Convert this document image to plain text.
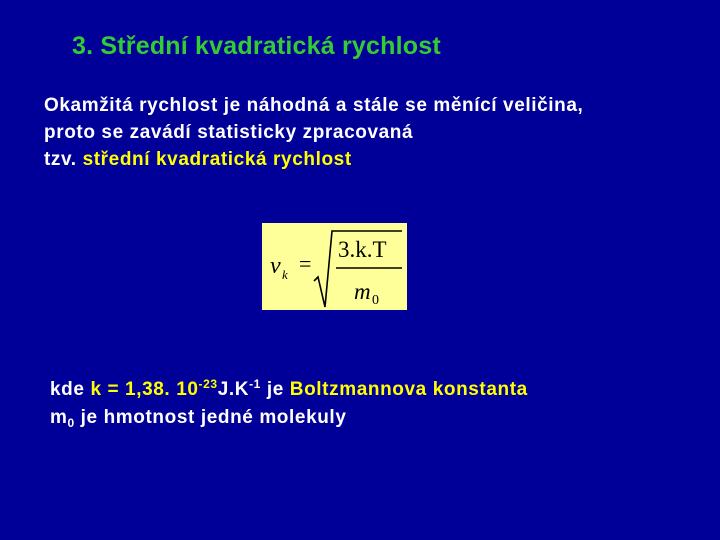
3. Střední kvadratická rychlost
Okamžitá rychlost je náhodná a stále se měnící veličina,
proto se zavádí statisticky zpracovaná
tzv. střední kvadratická rychlost
v k =
3.k.T
m 0
kde k = 1,38. $10^{-23}J.K^{-1}$ je Boltzmannova konstanta
$m_0$ je hmotnost jedné molekuly
